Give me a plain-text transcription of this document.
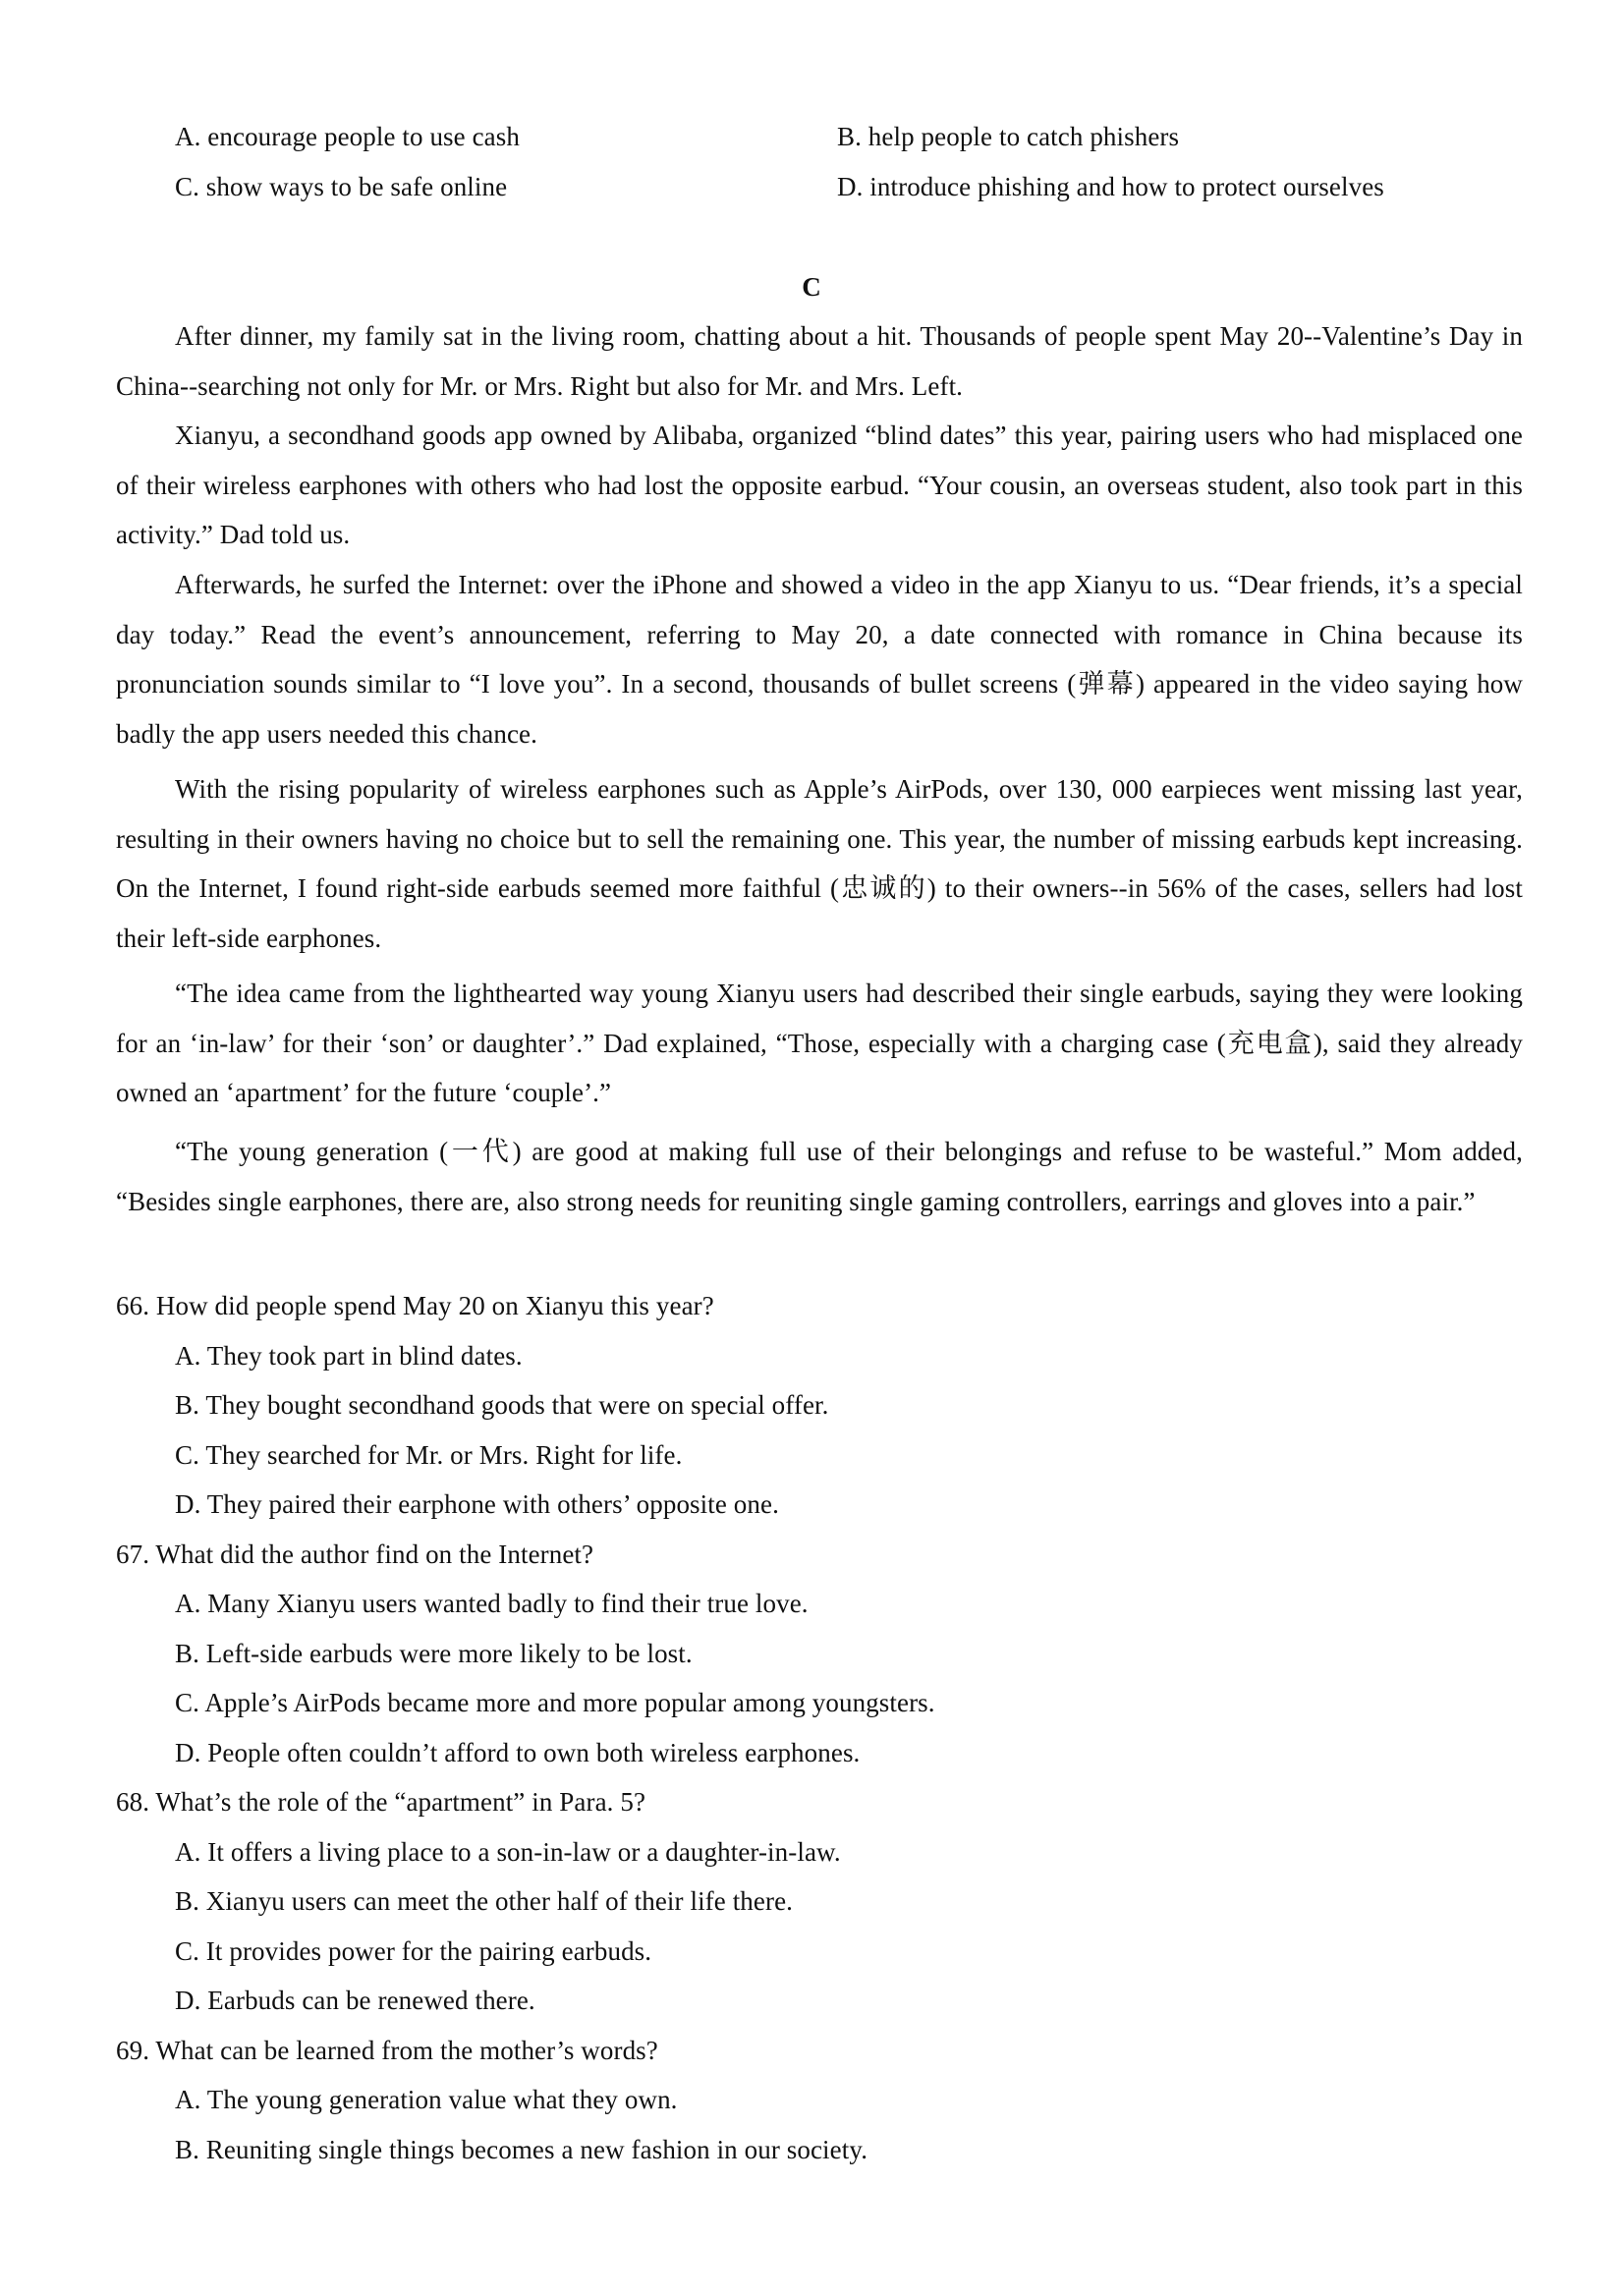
A. encourage people to use cash	B. help people to catch phishers
C. show ways to be safe online	D. introduce phishing and how to protect ourselves
C

After dinner, my family sat in the living room, chatting about a hit. Thousands of people spent May 20--Valentine’s Day in China--searching not only for Mr. or Mrs. Right but also for Mr. and Mrs. Left.

Xianyu, a secondhand goods app owned by Alibaba, organized “blind dates” this year, pairing users who had misplaced one of their wireless earphones with others who had lost the opposite earbud. “Your cousin, an overseas student, also took part in this activity.” Dad told us.

Afterwards, he surfed the Internet: over the iPhone and showed a video in the app Xianyu to us. “Dear friends, it’s a special day today.” Read the event’s announcement, referring to May 20, a date connected with romance in China because its pronunciation sounds similar to “I love you”. In a second, thousands of bullet screens (弹幕) appeared in the video saying how badly the app users needed this chance.

With the rising popularity of wireless earphones such as Apple’s AirPods, over 130, 000 earpieces went missing last year, resulting in their owners having no choice but to sell the remaining one. This year, the number of missing earbuds kept increasing. On the Internet, I found right-side earbuds seemed more faithful (忠诚的) to their owners--in 56% of the cases, sellers had lost their left-side earphones.

“The idea came from the lighthearted way young Xianyu users had described their single earbuds, saying they were looking for an ‘in-law’ for their ‘son’ or daughter’.” Dad explained, “Those, especially with a charging case (充电盒), said they already owned an ‘apartment’ for the future ‘couple’.”

“The young generation (一代) are good at making full use of their belongings and refuse to be wasteful.” Mom added, “Besides single earphones, there are, also strong needs for reuniting single gaming controllers, earrings and gloves into a pair.”

66. How did people spend May 20 on Xianyu this year?
A. They took part in blind dates.
B. They bought secondhand goods that were on special offer.
C. They searched for Mr. or Mrs. Right for life.
D. They paired their earphone with others’ opposite one.
67. What did the author find on the Internet?
A. Many Xianyu users wanted badly to find their true love.
B. Left-side earbuds were more likely to be lost.
C. Apple’s AirPods became more and more popular among youngsters.
D. People often couldn’t afford to own both wireless earphones.
68. What’s the role of the “apartment” in Para. 5?
A. It offers a living place to a son-in-law or a daughter-in-law.
B. Xianyu users can meet the other half of their life there.
C. It provides power for the pairing earbuds.
D. Earbuds can be renewed there.
69. What can be learned from the mother’s words?
A. The young generation value what they own.
B. Reuniting single things becomes a new fashion in our society.
